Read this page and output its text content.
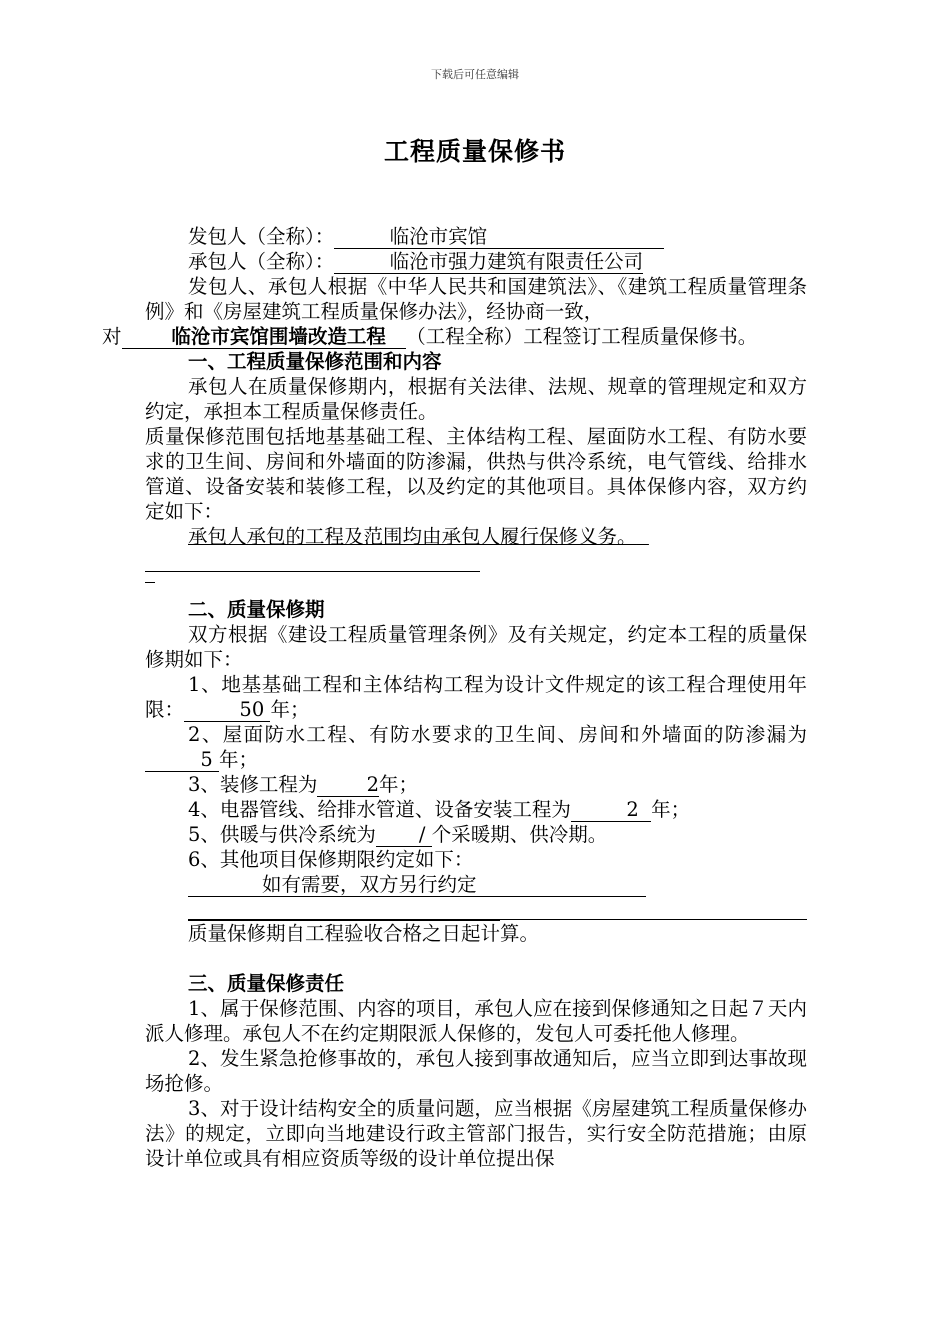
下载后可任意编辑
工程质量保修书

发包人（全称）：	临沧市宾馆

承包人（全称）：	临沧市强力建筑有限责任公司

发包人、承包人根据《中华人民共和国建筑法》、《建筑工程质量管理条例》和《房屋建筑工程质量保修办法》，经协商一致，
对	临沧市宾馆围墙改造工程 （工程全称）工程签订工程质量保修书。

一、工程质量保修范围和内容

承包人在质量保修期内，根据有关法律、法规、规章的管理规定和双方约定，承担本工程质量保修责任。

质量保修范围包括地基基础工程、主体结构工程、屋面防水工程、有防水要求的卫生间、房间和外墙面的防渗漏，供热与供冷系统，电气管线、给排水管道、设备安装和装修工程，以及约定的其他项目。具体保修内容，双方约定如下：

承包人承包的工程及范围均由承包人履行保修义务。

二、质量保修期

双方根据《建设工程质量管理条例》及有关规定，约定本工程的质量保修期如下：

1、地基基础工程和主体结构工程为设计文件规定的该工程合理使用年限：	50 年；

2、屋面防水工程、有防水要求的卫生间、房间和外墙面的防渗漏为  5 年；

3、装修工程为	2年；

4、电器管线、给排水管道、设备安装工程为	2 年；

5、供暖与供冷系统为 / 个采暖期、供冷期。

6、其他项目保修期限约定如下：

如有需要，双方另行约定

质量保修期自工程验收合格之日起计算。

三、质量保修责任

1、属于保修范围、内容的项目，承包人应在接到保修通知之日起７天内派人修理。承包人不在约定期限派人保修的，发包人可委托他人修理。

2、发生紧急抢修事故的，承包人接到事故通知后，应当立即到达事故现场抢修。

3、对于设计结构安全的质量问题，应当根据《房屋建筑工程质量保修办法》的规定，立即向当地建设行政主管部门报告，实行安全防范措施；由原设计单位或具有相应资质等级的设计单位提出保
